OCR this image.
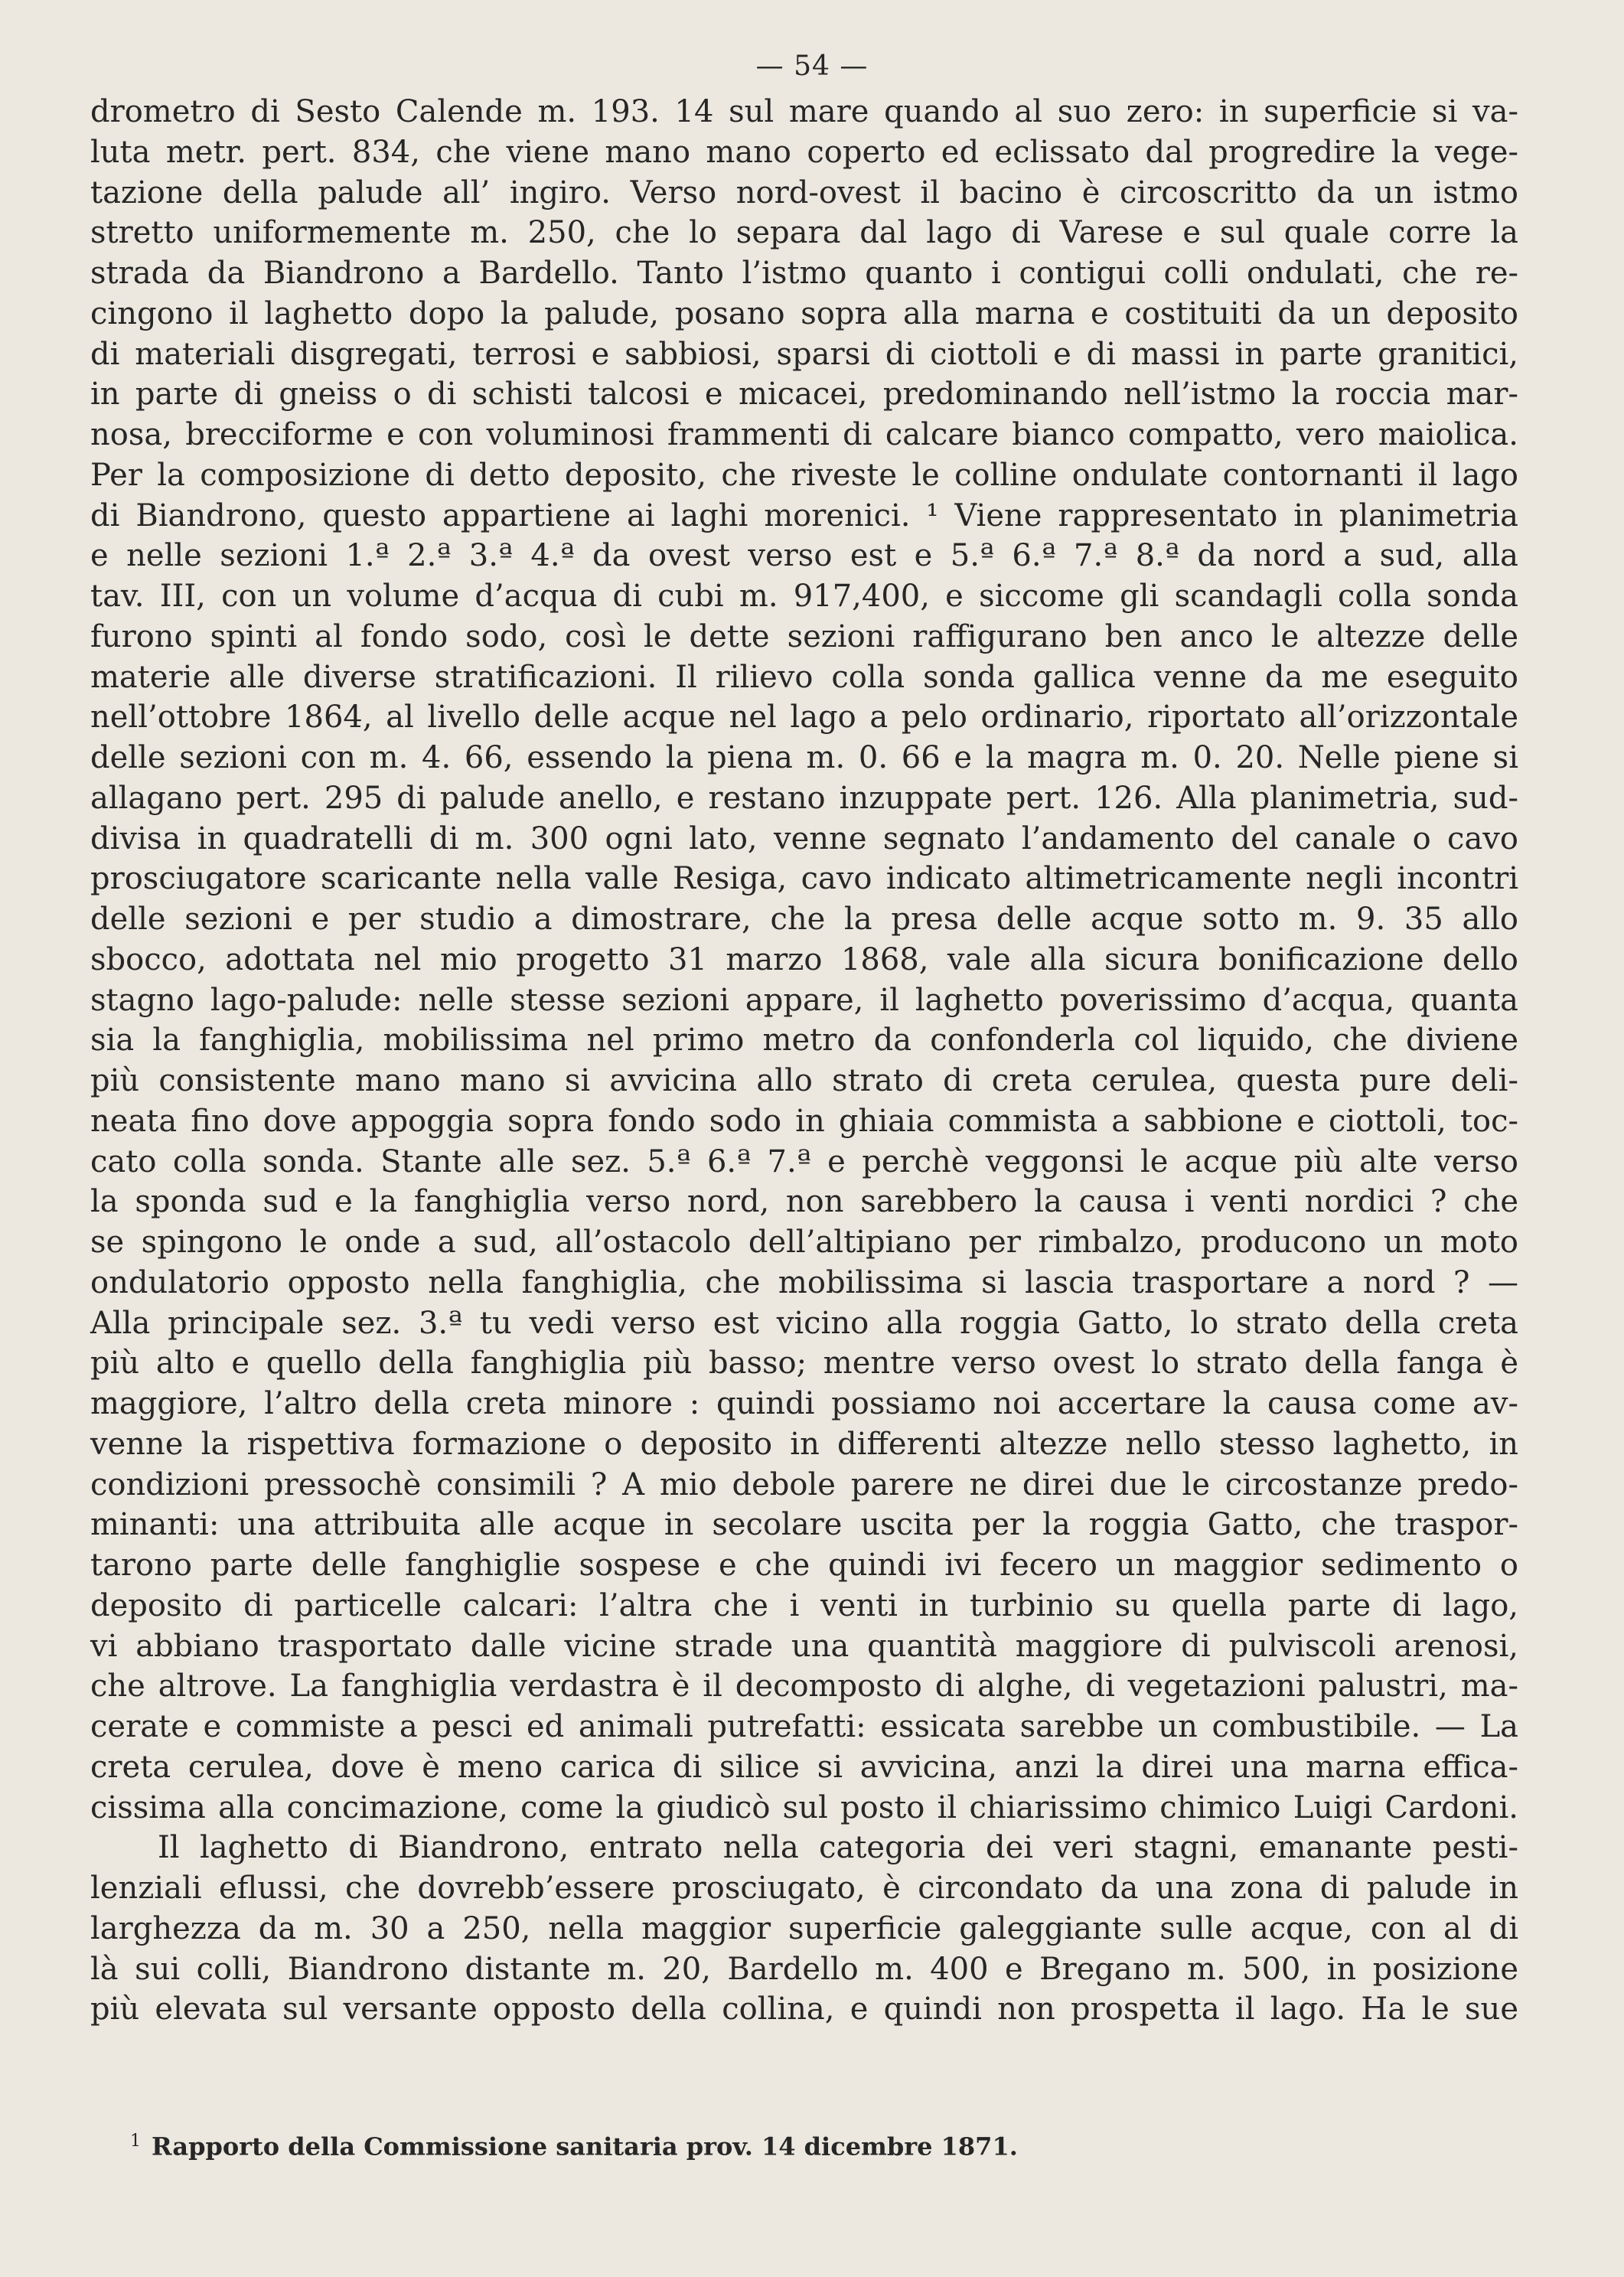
— 54 —
drometro di Sesto Calende m. 193. 14 sul mare quando al suo zero: in superficie si va-
luta metr. pert. 834, che viene mano mano coperto ed eclissato dal progredire la vege-
tazione della palude all’ ingiro. Verso nord-ovest il bacino è circoscritto da un istmo
stretto uniformemente m. 250, che lo separa dal lago di Varese e sul quale corre la
strada da Biandrono a Bardello. Tanto l’istmo quanto i contigui colli ondulati, che re-
cingono il laghetto dopo la palude, posano sopra alla marna e costituiti da un deposito
di materiali disgregati, terrosi e sabbiosi, sparsi di ciottoli e di massi in parte granitici,
in parte di gneiss o di schisti talcosi e micacei, predominando nell’istmo la roccia mar-
nosa, brecciforme e con voluminosi frammenti di calcare bianco compatto, vero maiolica.
Per la composizione di detto deposito, che riveste le colline ondulate contornanti il lago
di Biandrono, questo appartiene ai laghi morenici. ¹ Viene rappresentato in planimetria
e nelle sezioni 1.ª 2.ª 3.ª 4.ª da ovest verso est e 5.ª 6.ª 7.ª 8.ª da nord a sud, alla
tav. III, con un volume d’acqua di cubi m. 917,400, e siccome gli scandagli colla sonda
furono spinti al fondo sodo, così le dette sezioni raffigurano ben anco le altezze delle
materie alle diverse stratificazioni. Il rilievo colla sonda gallica venne da me eseguito
nell’ottobre 1864, al livello delle acque nel lago a pelo ordinario, riportato all’orizzontale
delle sezioni con m. 4. 66, essendo la piena m. 0. 66 e la magra m. 0. 20. Nelle piene si
allagano pert. 295 di palude anello, e restano inzuppate pert. 126. Alla planimetria, sud-
divisa in quadratelli di m. 300 ogni lato, venne segnato l’andamento del canale o cavo
prosciugatore scaricante nella valle Resiga, cavo indicato altimetricamente negli incontri
delle sezioni e per studio a dimostrare, che la presa delle acque sotto m. 9. 35 allo
sbocco, adottata nel mio progetto 31 marzo 1868, vale alla sicura bonificazione dello
stagno lago-palude: nelle stesse sezioni appare, il laghetto poverissimo d’acqua, quanta
sia la fanghiglia, mobilissima nel primo metro da confonderla col liquido, che diviene
più consistente mano mano si avvicina allo strato di creta cerulea, questa pure deli-
neata fino dove appoggia sopra fondo sodo in ghiaia commista a sabbione e ciottoli, toc-
cato colla sonda. Stante alle sez. 5.ª 6.ª 7.ª e perchè veggonsi le acque più alte verso
la sponda sud e la fanghiglia verso nord, non sarebbero la causa i venti nordici ? che
se spingono le onde a sud, all’ostacolo dell’altipiano per rimbalzo, producono un moto
ondulatorio opposto nella fanghiglia, che mobilissima si lascia trasportare a nord ? —
Alla principale sez. 3.ª tu vedi verso est vicino alla roggia Gatto, lo strato della creta
più alto e quello della fanghiglia più basso; mentre verso ovest lo strato della fanga è
maggiore, l’altro della creta minore : quindi possiamo noi accertare la causa come av-
venne la rispettiva formazione o deposito in differenti altezze nello stesso laghetto, in
condizioni pressochè consimili ? A mio debole parere ne direi due le circostanze predo-
minanti: una attribuita alle acque in secolare uscita per la roggia Gatto, che traspor-
tarono parte delle fanghiglie sospese e che quindi ivi fecero un maggior sedimento o
deposito di particelle calcari: l’altra che i venti in turbinio su quella parte di lago,
vi abbiano trasportato dalle vicine strade una quantità maggiore di pulviscoli arenosi,
che altrove. La fanghiglia verdastra è il decomposto di alghe, di vegetazioni palustri, ma-
cerate e commiste a pesci ed animali putrefatti: essicata sarebbe un combustibile. — La
creta cerulea, dove è meno carica di silice si avvicina, anzi la direi una marna effica-
cissima alla concimazione, come la giudicò sul posto il chiarissimo chimico Luigi Cardoni.
Il laghetto di Biandrono, entrato nella categoria dei veri stagni, emanante pesti-
lenziali eflussi, che dovrebb’essere prosciugato, è circondato da una zona di palude in
larghezza da m. 30 a 250, nella maggior superficie galeggiante sulle acque, con al di
là sui colli, Biandrono distante m. 20, Bardello m. 400 e Bregano m. 500, in posizione
più elevata sul versante opposto della collina, e quindi non prospetta il lago. Ha le sue
$^1$ Rapporto della Commissione sanitaria prov. 14 dicembre 1871.
